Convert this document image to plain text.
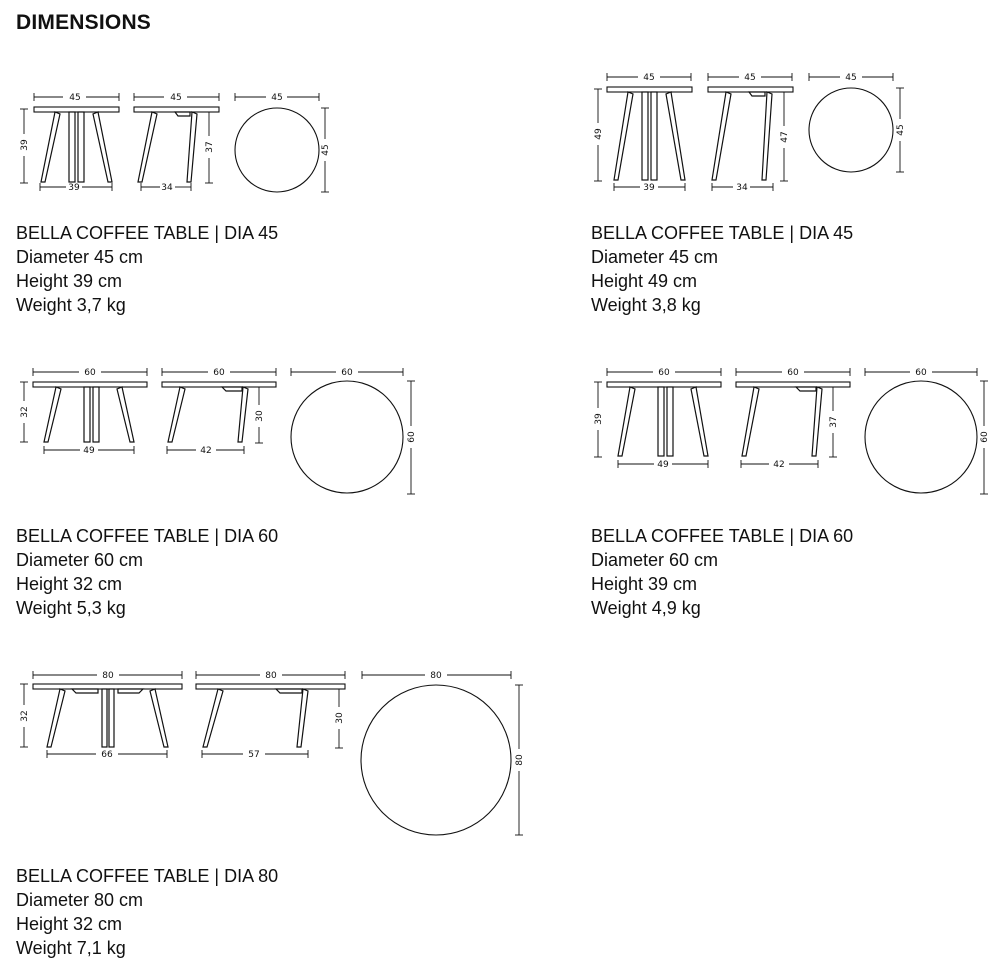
DIMENSIONS
45
39
39
45
37
34
45
45
BELLA COFFEE TABLE | DIA 45
Diameter 45 cm
Height 39 cm
Weight 3,7 kg
45
49
39
45
47
34
45
45
BELLA COFFEE TABLE | DIA 45
Diameter 45 cm
Height 49 cm
Weight 3,8 kg
60
32
49
60
30
42
60
60
BELLA COFFEE TABLE | DIA 60
Diameter 60 cm
Height 32 cm
Weight 5,3 kg
60
39
49
60
37
42
60
60
BELLA COFFEE TABLE | DIA 60
Diameter 60 cm
Height 39 cm
Weight 4,9 kg
80
32
66
80
30
57
80
80
BELLA COFFEE TABLE | DIA 80
Diameter 80 cm
Height 32 cm
Weight 7,1 kg
